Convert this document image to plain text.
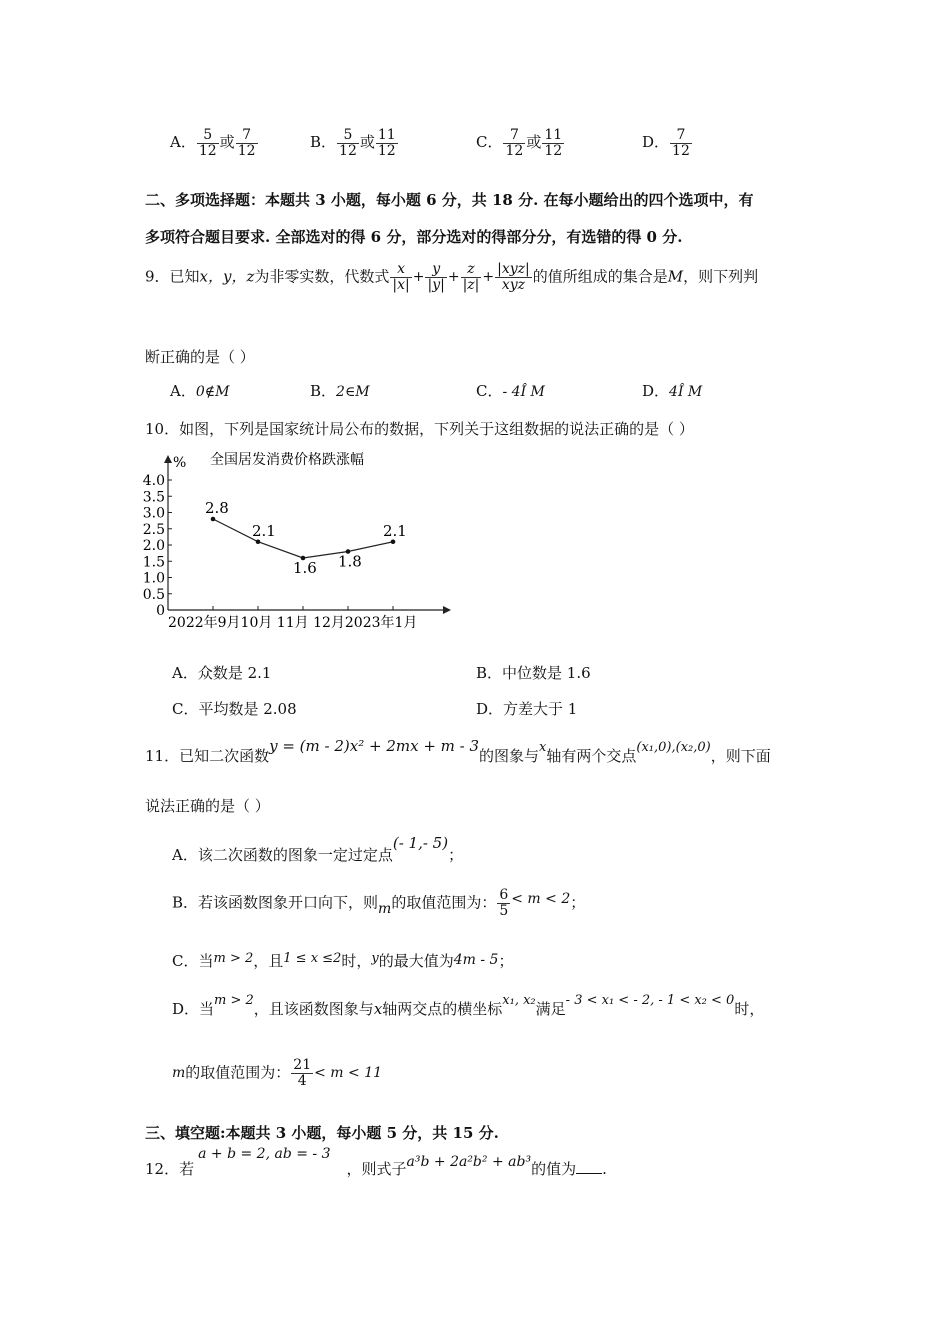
A． $\frac{5}{12}$ 或 $\frac{7}{12}$	B． $\frac{5}{12}$ 或 $\frac{11}{12}$	C． $\frac{7}{12}$ 或 $\frac{11}{12}$	D． $\frac{7}{12}$
二、多项选择题：本题共 3 小题，每小题 6 分，共 18 分. 在每小题给出的四个选项中，有
多项符合题目要求. 全部选对的得 6 分，部分选对的得部分分，有选错的得 0 分.
9．已知x，y，z为非零实数，代数式 $\frac{x}{|x|} + \frac{y}{|y|} + \frac{z}{|z|} + \frac{\text{|xyz|}}{\text{xyz}}$ 的值所组成的集合是M，则下列判
断正确的是（ ）
A．0∉M	B．2∈M	C．- 4Î M	D．4Î M
10．如图，下列是国家统计局公布的数据，下列关于这组数据的说法正确的是（ ）
% 全国居发消费价格跌涨幅
0
0.5
1.0
1.5
2.0
2.5
3.0
3.5
4.0
2.8
2.1
1.6 1.8
2.1
2022年9月10月 11月 12月2023年1月
A．众数是 2.1	B．中位数是 1.6
C．平均数是 2.08	D．方差大于 1
11．已知二次函数y = (m - 2)x² + 2mx + m - 3的图象与x轴有两个交点(x₁,0),(x₂,0)，则下面
说法正确的是（ ）
A．该二次函数的图象一定过定点(- 1,- 5)；
B．若该函数图象开口向下，则m的取值范围为： $\frac{6}{5} < m < 2$；
C．当m > 2，且1 ≤ x ≤2时，y的最大值为4m - 5；
D．当m > 2，且该函数图象与x轴两交点的横坐标x₁, x₂满足- 3 < x₁ < - 2, - 1 < x₂ < 0时，
m的取值范围为： $\frac{21}{4} < m < 11$
三、填空题:本题共 3 小题，每小题 5 分，共 15 分.
12．若a + b = 2, ab = - 3，则式子a³b + 2a²b² + ab³的值为 .
